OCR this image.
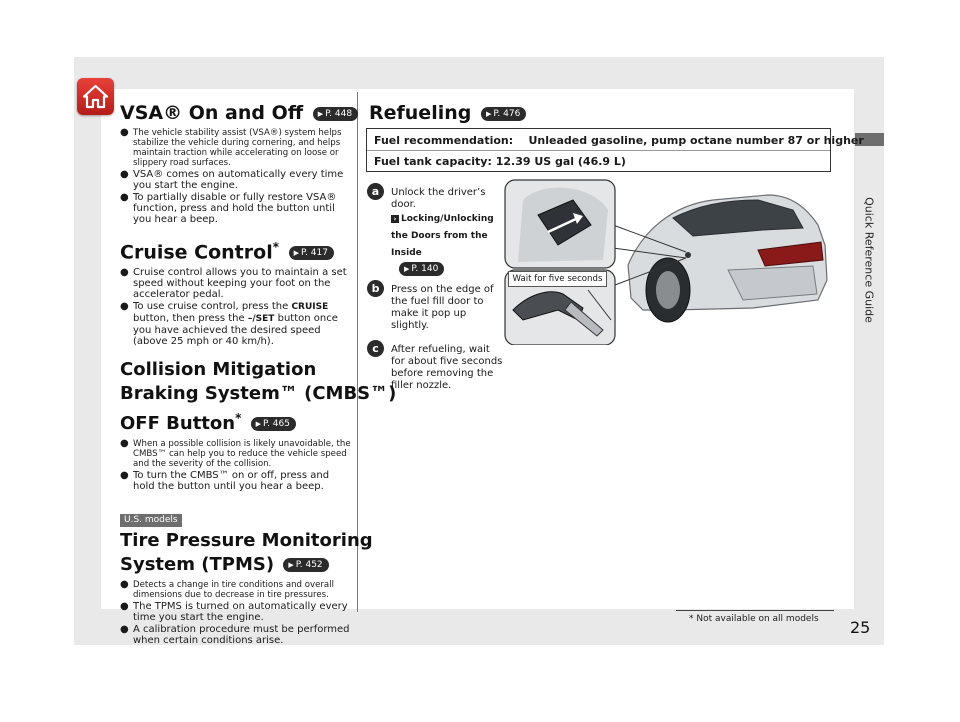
Quick Reference Guide
VSA® On and Off ▶ P. 448
● The vehicle stability assist (VSA®) system helps stabilize the vehicle during cornering, and helps maintain traction while accelerating on loose or slippery road surfaces.
● VSA® comes on automatically every time you start the engine.
● To partially disable or fully restore VSA® function, press and hold the button until you hear a beep.
Cruise Control* ▶ P. 417
● Cruise control allows you to maintain a set speed without keeping your foot on the accelerator pedal.
● To use cruise control, press the CRUISE button, then press the –/SET button once you have achieved the desired speed (above 25 mph or 40 km/h).
Collision Mitigation
Braking System™ (CMBS™)
OFF Button* ▶ P. 465
● When a possible collision is likely unavoidable, the CMBS™ can help you to reduce the vehicle speed and the severity of the collision.
● To turn the CMBS™ on or off, press and hold the button until you hear a beep.
U.S. models
Tire Pressure Monitoring
System (TPMS) ▶ P. 452
● Detects a change in tire conditions and overall dimensions due to decrease in tire pressures.
● The TPMS is turned on automatically every time you start the engine.
● A calibration procedure must be performed when certain conditions arise.
Refueling ▶ P. 476
Fuel recommendation: Unleaded gasoline, pump octane number 87 or higher
Fuel tank capacity: 12.39 US gal (46.9 L)
a	Unlock the driver’s door.
› Locking/Unlocking the Doors from the Inside
▶ P. 140
b	Press on the edge of the fuel fill door to make it pop up slightly.
c	After refueling, wait for about five seconds before removing the filler nozzle.
Wait for five seconds
* Not available on all models 25
